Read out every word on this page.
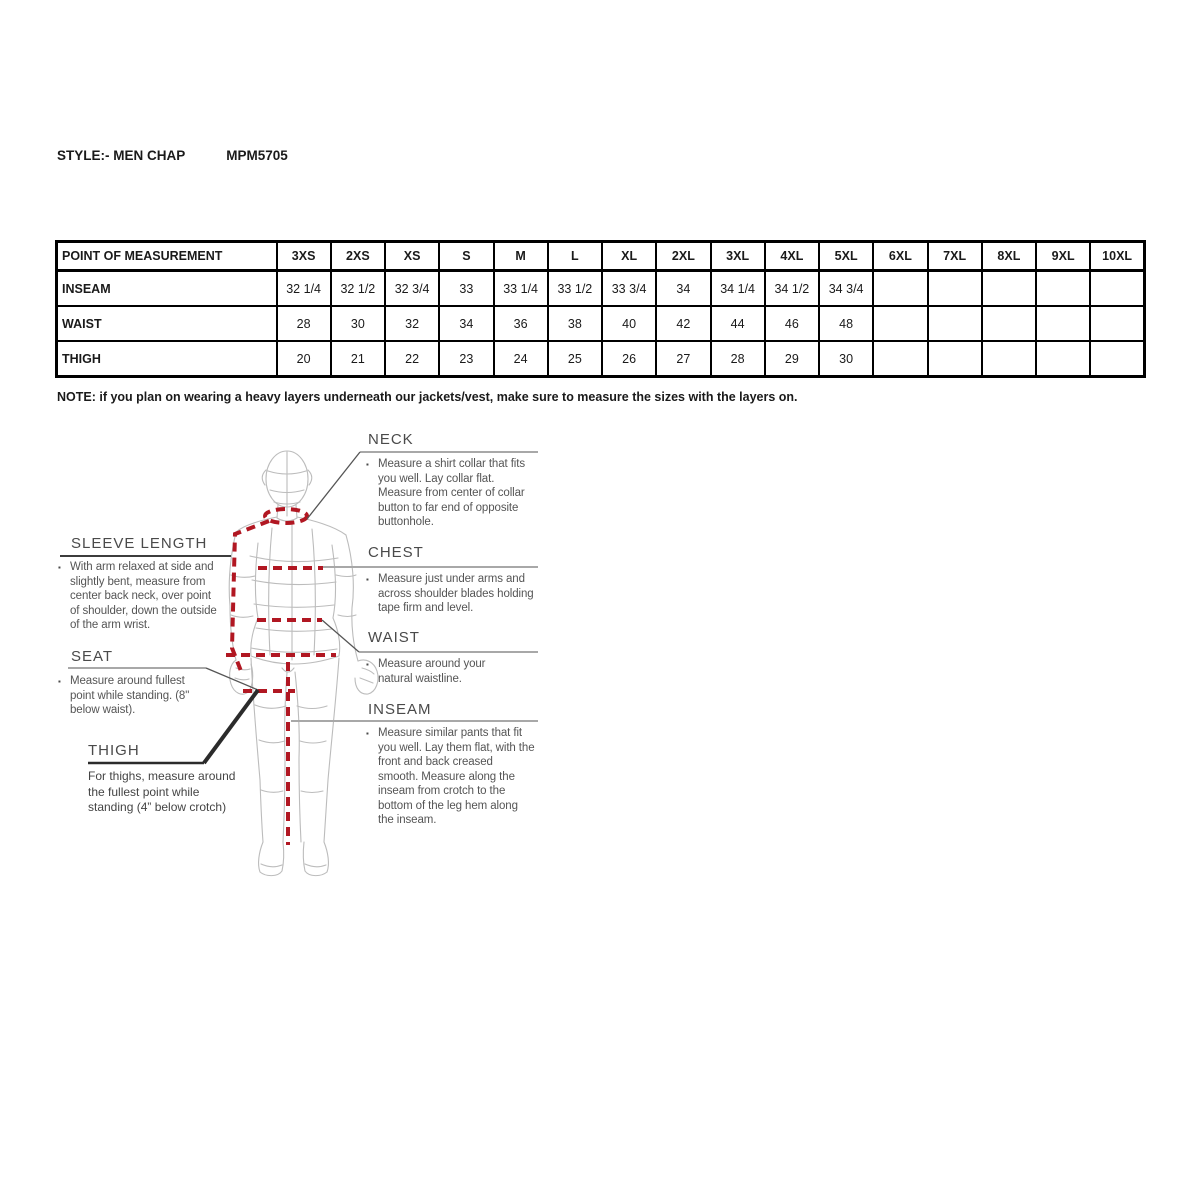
STYLE:- MEN CHAP	MPM5705
POINT OF MEASUREMENT	3XS	2XS	XS	S	M	L	XL	2XL	3XL	4XL	5XL	6XL	7XL	8XL	9XL	10XL
INSEAM	32 1/4	32 1/2	32 3/4	33	33 1/4	33 1/2	33 3/4	34	34 1/4	34 1/2	34 3/4					
WAIST	28	30	32	34	36	38	40	42	44	46	48					
THIGH	20	21	22	23	24	25	26	27	28	29	30					
NOTE: if you plan on wearing a heavy layers underneath our jackets/vest, make sure to measure the sizes with the layers on.
NECK
▪ Measure a shirt collar that fits you well. Lay collar flat. Measure from center of collar button to far end of opposite buttonhole.

CHEST
▪ Measure just under arms and across shoulder blades holding tape firm and level.

WAIST
▪ Measure around your natural waistline.

INSEAM
▪ Measure similar pants that fit you well. Lay them flat, with the front and back creased smooth. Measure along the inseam from crotch to the bottom of the leg hem along the inseam.

SLEEVE LENGTH
▪ With arm relaxed at side and slightly bent, measure from center back neck, over point of shoulder, down the outside of the arm wrist.

SEAT
▪ Measure around fullest point while standing. (8" below waist).

THIGH

For thighs, measure around the fullest point while standing (4” below crotch)
